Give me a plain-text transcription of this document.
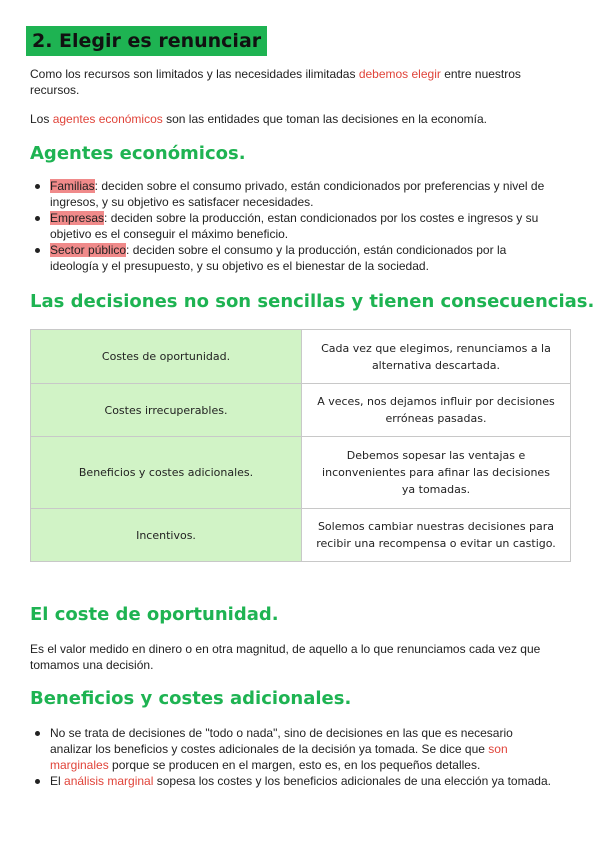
2. Elegir es renunciar
Como los recursos son limitados y las necesidades ilimitadas debemos elegir entre nuestros recursos.
Los agentes económicos son las entidades que toman las decisiones en la economía.
Agentes económicos.
Familias: deciden sobre el consumo privado, están condicionados por preferencias y nivel de ingresos, y su objetivo es satisfacer necesidades.
Empresas: deciden sobre la producción, estan condicionados por los costes e ingresos y su objetivo es el conseguir el máximo beneficio.
Sector público: deciden sobre el consumo y la producción, están condicionados por la ideología y el presupuesto, y su objetivo es el bienestar de la sociedad.
Las decisiones no son sencillas y tienen consecuencias.
Costes de oportunidad.	Cada vez que elegimos, renunciamos a la alternativa descartada.
Costes irrecuperables.	A veces, nos dejamos influir por decisiones erróneas pasadas.
Beneficios y costes adicionales.	Debemos sopesar las ventajas e inconvenientes para afinar las decisiones ya tomadas.
Incentivos.	Solemos cambiar nuestras decisiones para recibir una recompensa o evitar un castigo.
El coste de oportunidad.
Es el valor medido en dinero o en otra magnitud, de aquello a lo que renunciamos cada vez que tomamos una decisión.
Beneficios y costes adicionales.
No se trata de decisiones de "todo o nada", sino de decisiones en las que es necesario analizar los beneficios y costes adicionales de la decisión ya tomada. Se dice que son marginales porque se producen en el margen, esto es, en los pequeños detalles.
El análisis marginal sopesa los costes y los beneficios adicionales de una elección ya tomada.
